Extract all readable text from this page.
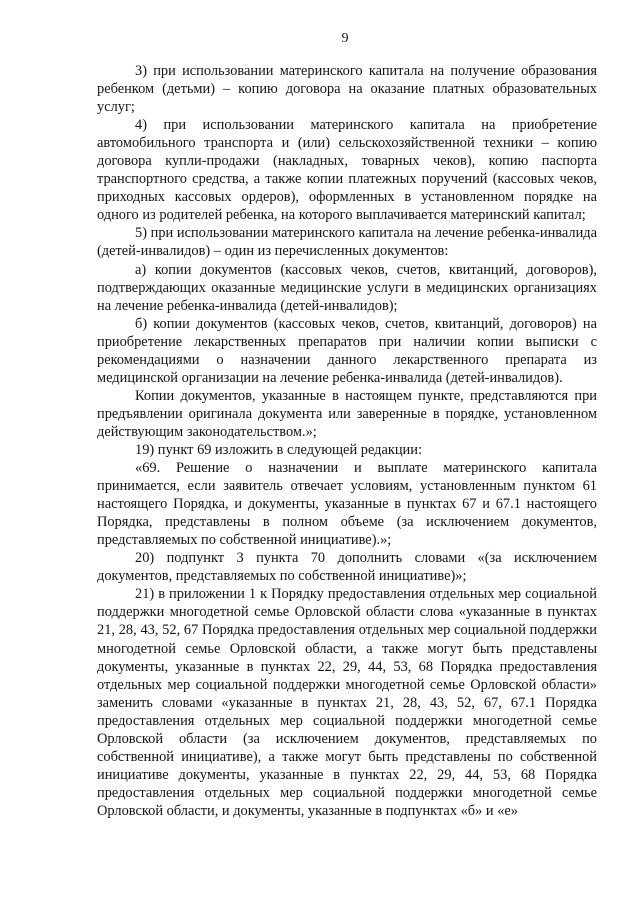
9

3) при использовании материнского капитала на получение образования ребенком (детьми) – копию договора на оказание платных образовательных услуг;

4) при использовании материнского капитала на приобретение автомобильного транспорта и (или) сельскохозяйственной техники – копию договора купли-продажи (накладных, товарных чеков), копию паспорта транспортного средства, а также копии платежных поручений (кассовых чеков, приходных кассовых ордеров), оформленных в установленном порядке на одного из родителей ребенка, на которого выплачивается материнский капитал;

5) при использовании материнского капитала на лечение ребенка-инвалида (детей-инвалидов) – один из перечисленных документов:

а) копии документов (кассовых чеков, счетов, квитанций, договоров), подтверждающих оказанные медицинские услуги в медицинских организациях на лечение ребенка-инвалида (детей-инвалидов);

б) копии документов (кассовых чеков, счетов, квитанций, договоров) на приобретение лекарственных препаратов при наличии копии выписки с рекомендациями о назначении данного лекарственного препарата из медицинской организации на лечение ребенка-инвалида (детей-инвалидов).

Копии документов, указанные в настоящем пункте, представляются при предъявлении оригинала документа или заверенные в порядке, установленном действующим законодательством.»;

19) пункт 69 изложить в следующей редакции:

«69. Решение о назначении и выплате материнского капитала принимается, если заявитель отвечает условиям, установленным пунктом 61 настоящего Порядка, и документы, указанные в пунктах 67 и 67.1 настоящего Порядка, представлены в полном объеме (за исключением документов, представляемых по собственной инициативе).»;

20) подпункт 3 пункта 70 дополнить словами «(за исключением документов, представляемых по собственной инициативе)»;

21) в приложении 1 к Порядку предоставления отдельных мер социальной поддержки многодетной семье Орловской области слова «указанные в пунктах 21, 28, 43, 52, 67 Порядка предоставления отдельных мер социальной поддержки многодетной семье Орловской области, а также могут быть представлены документы, указанные в пунктах 22, 29, 44, 53, 68 Порядка предоставления отдельных мер социальной поддержки многодетной семье Орловской области» заменить словами «указанные в пунктах 21, 28, 43, 52, 67, 67.1 Порядка предоставления отдельных мер социальной поддержки многодетной семье Орловской области (за исключением документов, представляемых по собственной инициативе), а также могут быть представлены по собственной инициативе документы, указанные в пунктах 22, 29, 44, 53, 68 Порядка предоставления отдельных мер социальной поддержки многодетной семье Орловской области, и документы, указанные в подпунктах «б» и «е»
